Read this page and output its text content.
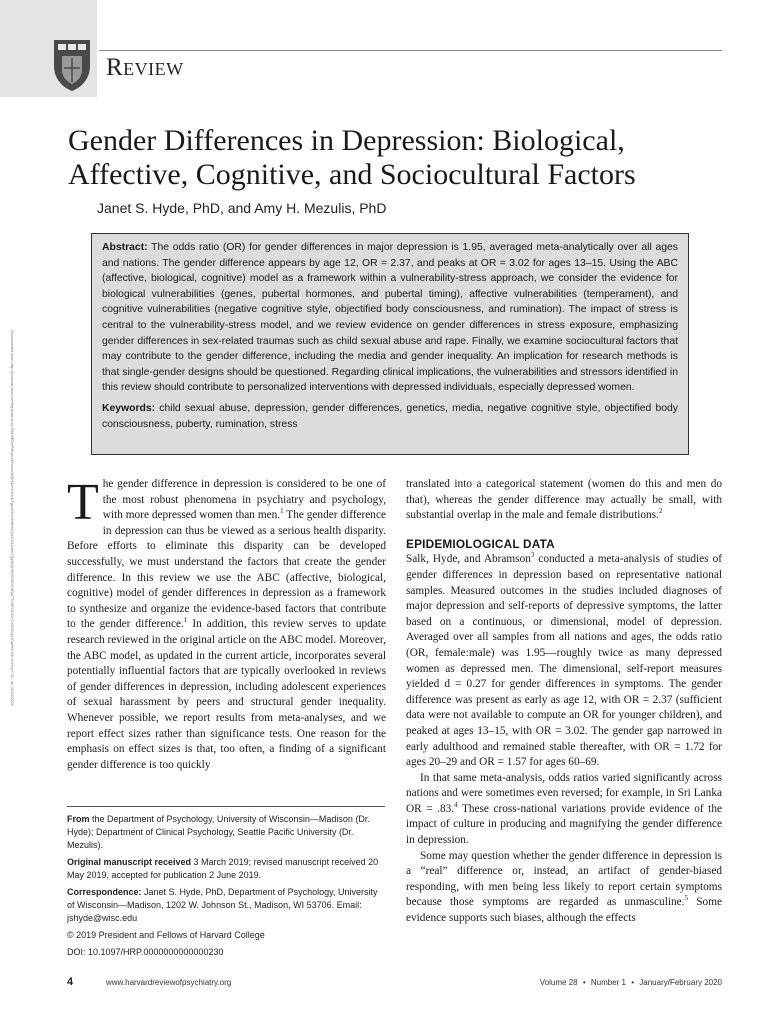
Review
Gender Differences in Depression: Biological, Affective, Cognitive, and Sociocultural Factors
Janet S. Hyde, PhD, and Amy H. Mezulis, PhD

Abstract: The odds ratio (OR) for gender differences in major depression is 1.95, averaged meta-analytically over all ages and nations. The gender difference appears by age 12, OR = 2.37, and peaks at OR = 3.02 for ages 13–15. Using the ABC (affective, biological, cognitive) model as a framework within a vulnerability-stress approach, we consider the evidence for biological vulnerabilities (genes, pubertal hormones, and pubertal timing), affective vulnerabilities (temperament), and cognitive vulnerabilities (negative cognitive style, objectified body consciousness, and rumination). The impact of stress is central to the vulnerability-stress model, and we review evidence on gender differences in stress exposure, emphasizing gender differences in sex-related traumas such as child sexual abuse and rape. Finally, we examine sociocultural factors that may contribute to the gender difference, including the media and gender inequality. An implication for research methods is that single-gender designs should be questioned. Regarding clinical implications, the vulnerabilities and stressors identified in this review should contribute to personalized interventions with depressed individuals, especially depressed women.

Keywords: child sexual abuse, depression, gender differences, genetics, media, negative cognitive style, objectified body consciousness, puberty, rumination, stress

Downloaded from http://journals.lww.com/hrpjournal by BhDMf5ePHKav1zEoum1tQfN4a+kJLhEZgbsIHo4XMi0hCywCX1AWnYQp/IlQrHD3i3D0OdRyi7TvSFl4Cf3VC4/OAVpDDa8KKGKV0Ymy+78= on 01/10/2020 The gender difference in depression is considered to be one of the most robust phenomena in psychiatry and psychology, with more depressed women than men.$^1$ The gender difference in depression can thus be viewed as a serious health disparity. Before efforts to eliminate this disparity can be developed successfully, we must understand the factors that create the gender difference. In this review we use the ABC (affective, biological, cognitive) model of gender differences in depression as a framework to synthesize and organize the evidence-based factors that contribute to the gender difference.$^1$ In addition, this review serves to update research reviewed in the original article on the ABC model. Moreover, the ABC model, as updated in the current article, incorporates several potentially influential factors that are typically overlooked in reviews of gender differences in depression, including adolescent experiences of sexual harassment by peers and structural gender inequality. Whenever possible, we report results from meta-analyses, and we report effect sizes rather than significance tests. One reason for the emphasis on effect sizes is that, too often, a finding of a significant gender difference is too quickly

translated into a categorical statement (women do this and men do that), whereas the gender difference may actually be small, with substantial overlap in the male and female distributions.$^2$

EPIDEMIOLOGICAL DATA

Salk, Hyde, and Abramson$^3$ conducted a meta-analysis of studies of gender differences in depression based on representative national samples. Measured outcomes in the studies included diagnoses of major depression and self-reports of depressive symptoms, the latter based on a continuous, or dimensional, model of depression. Averaged over all samples from all nations and ages, the odds ratio (OR, female:male) was 1.95—roughly twice as many depressed women as depressed men. The dimensional, self-report measures yielded d = 0.27 for gender differences in symptoms. The gender difference was present as early as age 12, with OR = 2.37 (sufficient data were not available to compute an OR for younger children), and peaked at ages 13–15, with OR = 3.02. The gender gap narrowed in early adulthood and remained stable thereafter, with OR = 1.72 for ages 20–29 and OR = 1.57 for ages 60–69.

In that same meta-analysis, odds ratios varied significantly across nations and were sometimes even reversed; for example, in Sri Lanka OR = .83.$^4$ These cross-national variations provide evidence of the impact of culture in producing and magnifying the gender difference in depression.

Some may question whether the gender difference in depression is a “real” difference or, instead, an artifact of gender-biased responding, with men being less likely to report certain symptoms because those symptoms are regarded as unmasculine.$^5$ Some evidence supports such biases, although the effects

From the Department of Psychology, University of Wisconsin—Madison (Dr. Hyde); Department of Clinical Psychology, Seattle Pacific University (Dr. Mezulis).

Original manuscript received 3 March 2019; revised manuscript received 20 May 2019, accepted for publication 2 June 2019.

Correspondence: Janet S. Hyde, PhD, Department of Psychology, University of Wisconsin—Madison, 1202 W. Johnson St., Madison, WI 53706. Email: jshyde@wisc.edu

© 2019 President and Fellows of Harvard College

DOI: 10.1097/HRP.0000000000000230

4	www.harvardreviewofpsychiatry.org	Volume 28 • Number 1 • January/February 2020
